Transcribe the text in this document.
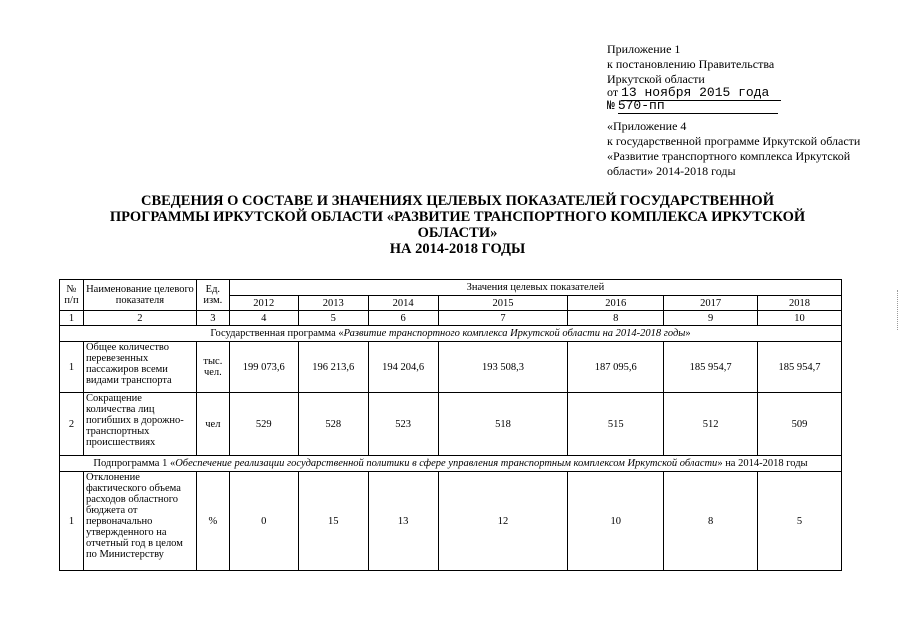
Приложение 1
к постановлению Правительства
Иркутской области
от 13 ноября 2015 года
№ 570-пп
«Приложение 4
к государственной программе Иркутской области
«Развитие транспортного комплекса Иркутской
области» 2014-2018 годы
СВЕДЕНИЯ О СОСТАВЕ И ЗНАЧЕНИЯХ ЦЕЛЕВЫХ ПОКАЗАТЕЛЕЙ ГОСУДАРСТВЕННОЙ
ПРОГРАММЫ ИРКУТСКОЙ ОБЛАСТИ «РАЗВИТИЕ ТРАНСПОРТНОГО КОМПЛЕКСА ИРКУТСКОЙ
ОБЛАСТИ»
НА 2014-2018 ГОДЫ
№ п/п	Наименование целевого показателя	Ед. изм.	Значения целевых показателей						
			2012	2013	2014	2015	2016	2017	2018
1	2	3	4	5	6	7	8	9	10
Государственная программа «Развитие транспортного комплекса Иркутской области на 2014-2018 годы»									
1	Общее количество перевезенных пассажиров всеми видами транспорта	тыс. чел.	199 073,6	196 213,6	194 204,6	193 508,3	187 095,6	185 954,7	185 954,7
2	Сокращение количества лиц погибших в дорожно-транспортных происшествиях	чел	529	528	523	518	515	512	509
Подпрограмма 1 «Обеспечение реализации государственной политики в сфере управления транспортным комплексом Иркутской области» на 2014-2018 годы									
1	Отклонение фактического объема расходов областного бюджета от первоначально утвержденного на отчетный год в целом по Министерству	%	0	15	13	12	10	8	5
